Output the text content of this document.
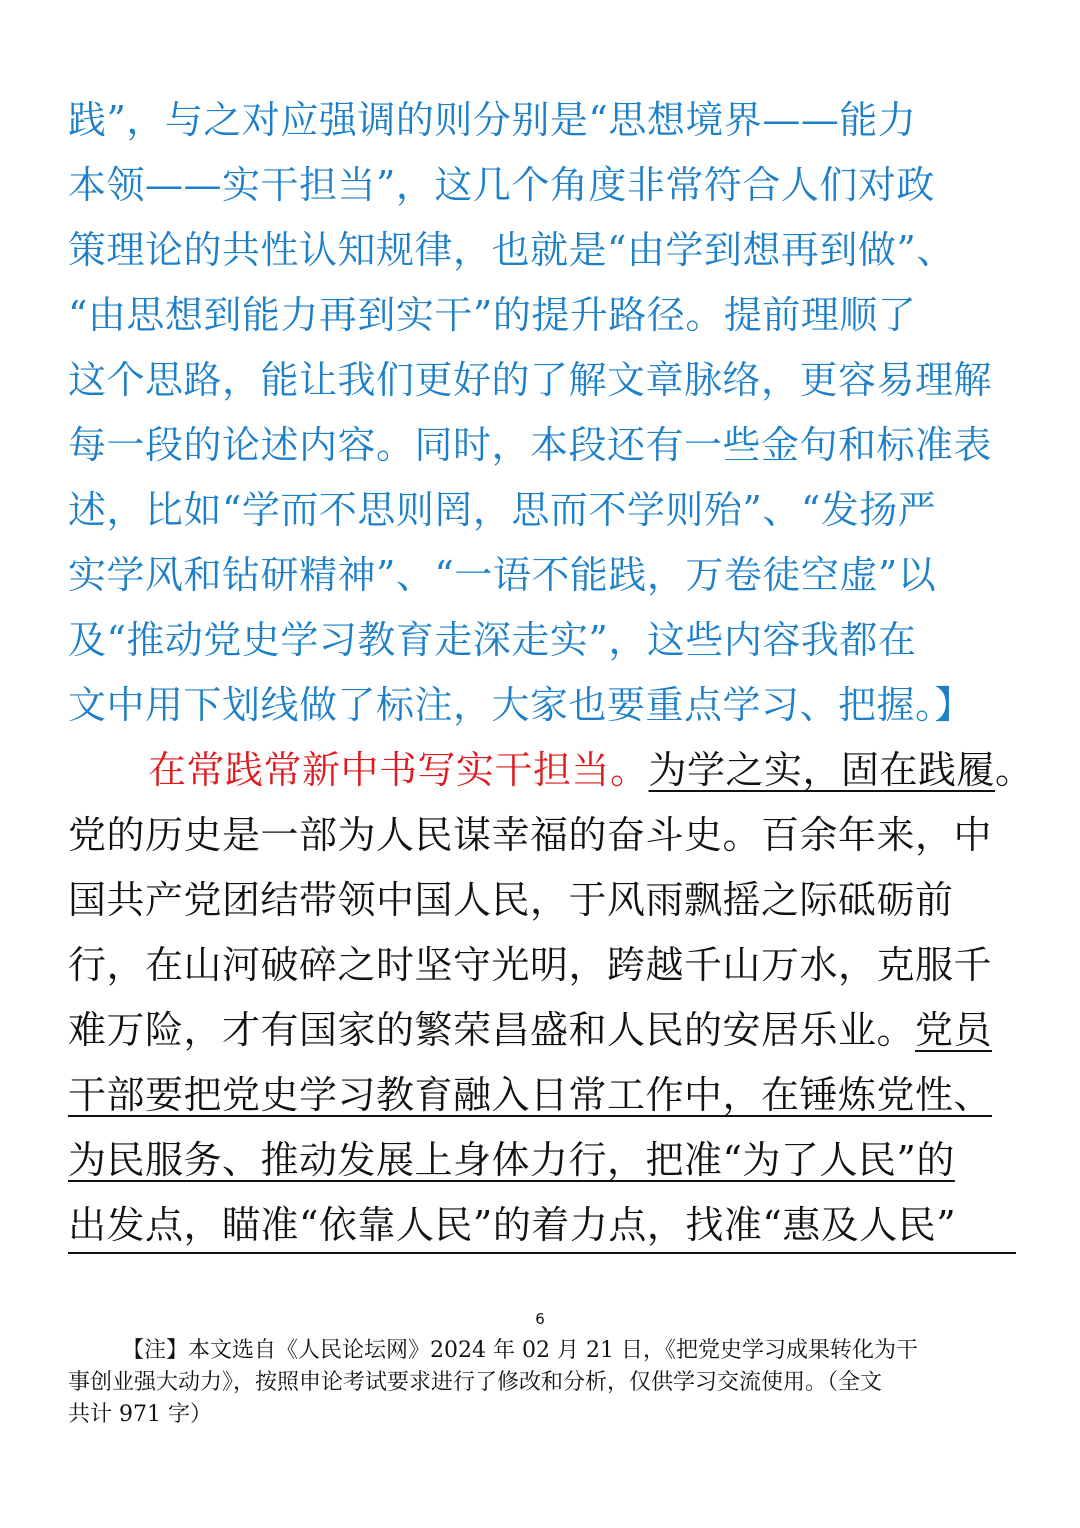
践”，与之对应强调的则分别是“思想境界——能力
本领——实干担当”，这几个角度非常符合人们对政
策理论的共性认知规律，也就是“由学到想再到做”、
“由思想到能力再到实干”的提升路径。提前理顺了
这个思路，能让我们更好的了解文章脉络，更容易理解
每一段的论述内容。同时，本段还有一些金句和标准表
述，比如“学而不思则罔，思而不学则殆”、“发扬严
实学风和钻研精神”、“一语不能践，万卷徒空虚”以
及“推动党史学习教育走深走实”，这些内容我都在
文中用下划线做了标注，大家也要重点学习、把握。】
在常践常新中书写实干担当。为学之实，固在践履。
党的历史是一部为人民谋幸福的奋斗史。百余年来，中
国共产党团结带领中国人民，于风雨飘摇之际砥砺前
行，在山河破碎之时坚守光明，跨越千山万水，克服千
难万险，才有国家的繁荣昌盛和人民的安居乐业。党员
干部要把党史学习教育融入日常工作中，在锤炼党性、
为民服务、推动发展上身体力行，把准“为了人民”的
出发点，瞄准“依靠人民”的着力点，找准“惠及人民”
6
【注】本文选自《人民论坛网》2024 年 02 月 21 日，《把党史学习成果转化为干
事创业强大动力》，按照申论考试要求进行了修改和分析，仅供学习交流使用。（全文
共计 971 字）
